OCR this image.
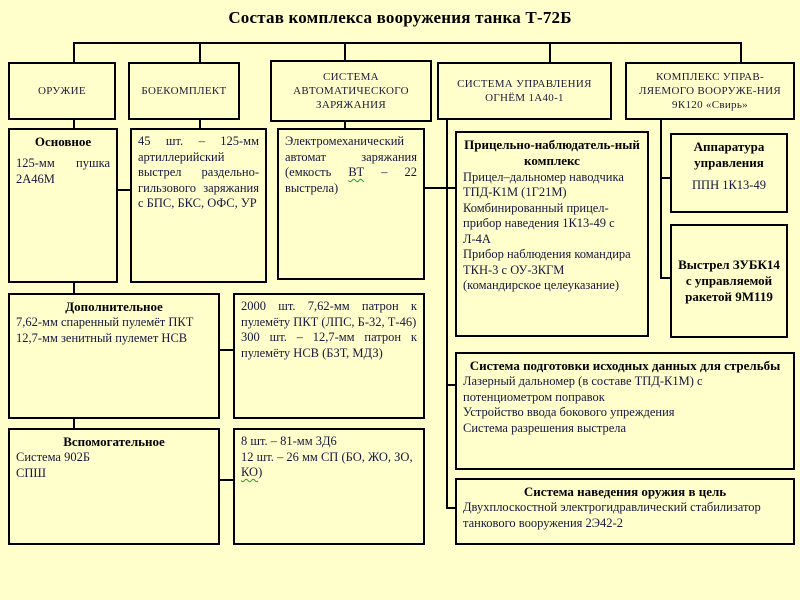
Состав комплекса вооружения танка Т-72Б
ОРУЖИЕ	БОЕКОМПЛЕКТ
СИСТЕМА АВТОМАТИЧЕСКОГО ЗАРЯЖАНИЯ
СИСТЕМА УПРАВЛЕНИЯ ОГНЁМ 1А40-1
КОМПЛЕКС УПРАВ-ЛЯЕМОГО ВООРУЖЕ-НИЯ 9К120 «Свирь»
Основное
125-мм пушка 2А46М
45 шт. – 125-мм артиллерийский выстрел раздельно-гильзового заряжания с БПС, БКС, ОФС, УР
Электромеханический автомат заряжания (емкость ВТ – 22 выстрела)
Прицельно-наблюдатель-ный комплекс
Прицел–дальномер наводчика ТПД-К1М (1Г21М)
Комбинированный прицел-прибор наведения 1К13-49 с Л-4А
Прибор наблюдения командира ТКН-3 с ОУ-3КГМ
(командирское целеуказание)
Аппаратура управления
ППН 1К13-49
Выстрел ЗУБК14 с управляемой ракетой 9М119
Дополнительное
7,62-мм спаренный пулемёт ПКТ
12,7-мм зенитный пулемет НСВ
2000 шт. 7,62-мм патрон к пулемёту ПКТ (ЛПС, Б-32, Т-46)
300 шт. – 12,7-мм патрон к пулемёту НСВ (БЗТ, МДЗ)
Система подготовки исходных данных для стрельбы
Лазерный дальномер (в составе ТПД-К1М) с потенциометром поправок
Устройство ввода бокового упреждения
Система разрешения выстрела
Вспомогательное
Система 902Б
СПШ
8 шт. – 81-мм 3Д6
12 шт. – 26 мм СП (БО, ЖО, ЗО, КО)
Система наведения оружия в цель
Двухплоскостной электрогидравлический стабилизатор танкового вооружения 2Э42-2
